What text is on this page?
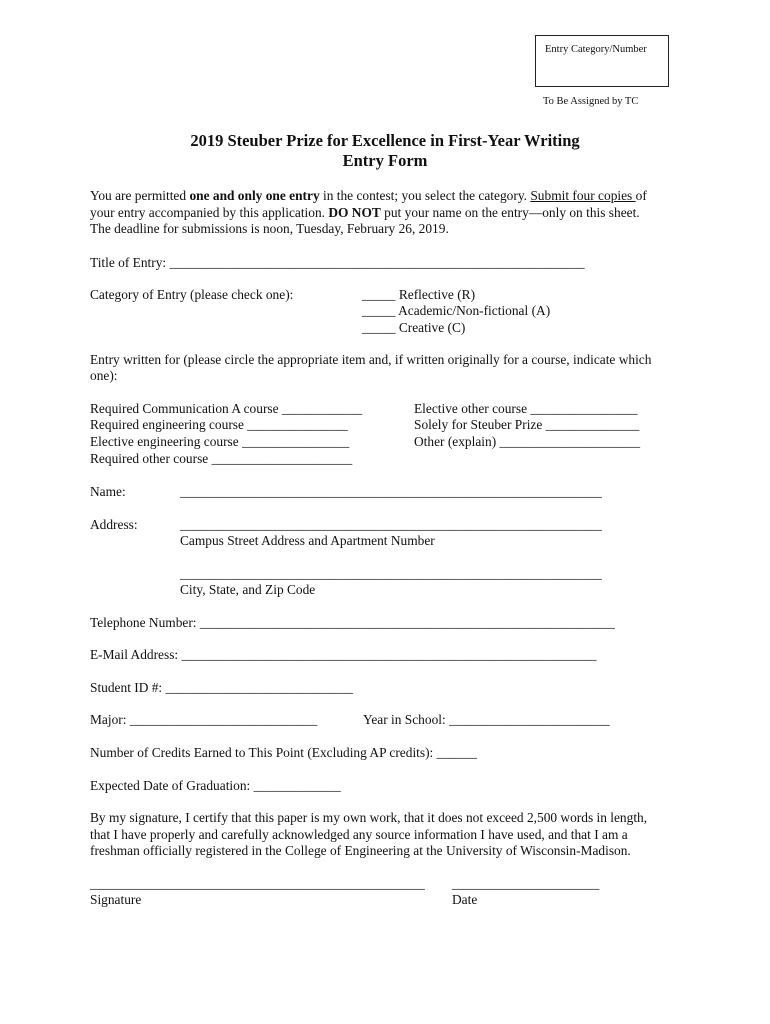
Entry Category/Number
To Be Assigned by TC
2019 Steuber Prize for Excellence in First-Year Writing
Entry Form
You are permitted one and only one entry in the contest; you select the category. Submit four copies of
your entry accompanied by this application. DO NOT put your name on the entry—only on this sheet.
The deadline for submissions is noon, Tuesday, February 26, 2019.
Title of Entry: ______________________________________________________________
Category of Entry (please check one):	_____ Reflective (R)
_____ Academic/Non-fictional (A)
_____ Creative (C)
Entry written for (please circle the appropriate item and, if written originally for a course, indicate which
one):
Required Communication A course ____________
Required engineering course _______________
Elective engineering course ________________
Required other course _____________________
Elective other course ________________
Solely for Steuber Prize ______________
Other (explain) _____________________
Name:	_______________________________________________________________
Address:	_______________________________________________________________
Campus Street Address and Apartment Number
_______________________________________________________________
City, State, and Zip Code
Telephone Number: ______________________________________________________________
E-Mail Address: ______________________________________________________________
Student ID #: ____________________________
Major: ____________________________	Year in School: ________________________
Number of Credits Earned to This Point (Excluding AP credits): ______
Expected Date of Graduation: _____________
By my signature, I certify that this paper is my own work, that it does not exceed 2,500 words in length,
that I have properly and carefully acknowledged any source information I have used, and that I am a
freshman officially registered in the College of Engineering at the University of Wisconsin-Madison.
__________________________________________________
Signature
______________________
Date
